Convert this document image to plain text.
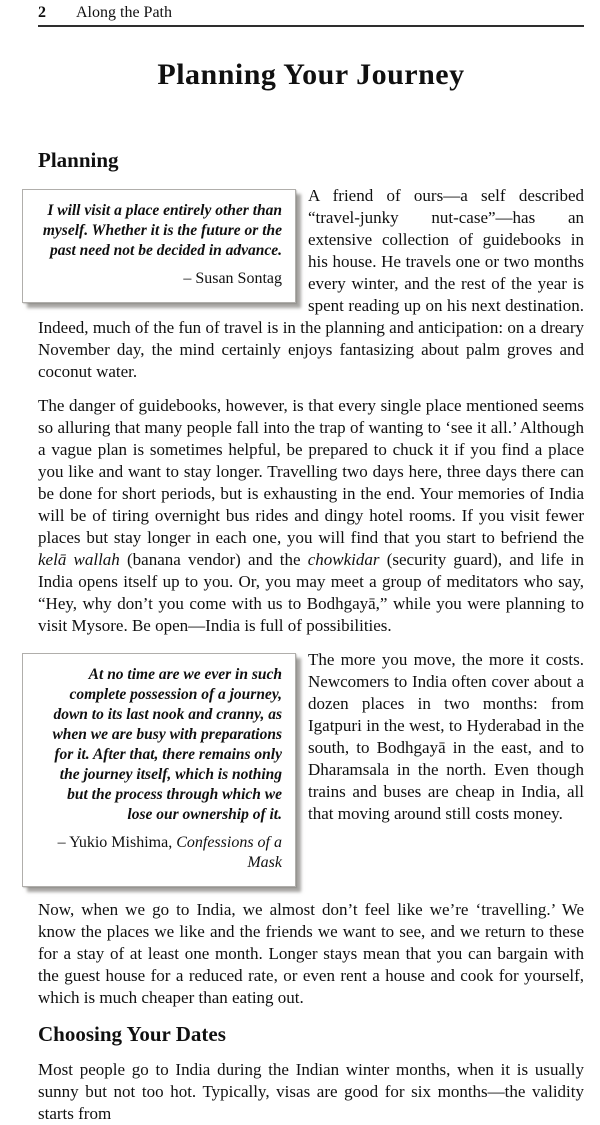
2 Along the Path
Planning Your Journey
Planning
I will visit a place entirely other than myself. Whether it is the future or the past need not be decided in advance.
– Susan Sontag

A friend of ours—a self described “travel-junky nut-case”—has an extensive collection of guidebooks in his house. He travels one or two months every winter, and the rest of the year is spent reading up on his next destination. Indeed, much of the fun of travel is in the planning and anticipation: on a dreary November day, the mind certainly enjoys fantasizing about palm groves and coconut water.

The danger of guidebooks, however, is that every single place mentioned seems so alluring that many people fall into the trap of wanting to ‘see it all.’ Although a vague plan is sometimes helpful, be prepared to chuck it if you find a place you like and want to stay longer. Travelling two days here, three days there can be done for short periods, but is exhausting in the end. Your memories of India will be of tiring overnight bus rides and dingy hotel rooms. If you visit fewer places but stay longer in each one, you will find that you start to befriend the kelā wallah (banana vendor) and the chowkidar (security guard), and life in India opens itself up to you. Or, you may meet a group of meditators who say, “Hey, why don’t you come with us to Bodhgayā,” while you were planning to visit Mysore. Be open—India is full of possibilities.

At no time are we ever in such complete possession of a journey, down to its last nook and cranny, as when we are busy with preparations for it. After that, there remains only the journey itself, which is nothing but the process through which we lose our ownership of it.
– Yukio Mishima, Confessions of a Mask

The more you move, the more it costs. Newcomers to India often cover about a dozen places in two months: from Igatpuri in the west, to Hyderabad in the south, to Bodhgayā in the east, and to Dharamsala in the north. Even though trains and buses are cheap in India, all that moving around still costs money.

Now, when we go to India, we almost don’t feel like we’re ‘travelling.’ We know the places we like and the friends we want to see, and we return to these for a stay of at least one month. Longer stays mean that you can bargain with the guest house for a reduced rate, or even rent a house and cook for yourself, which is much cheaper than eating out.

Choosing Your Dates

Most people go to India during the Indian winter months, when it is usually sunny but not too hot. Typically, visas are good for six months—the validity starts from
